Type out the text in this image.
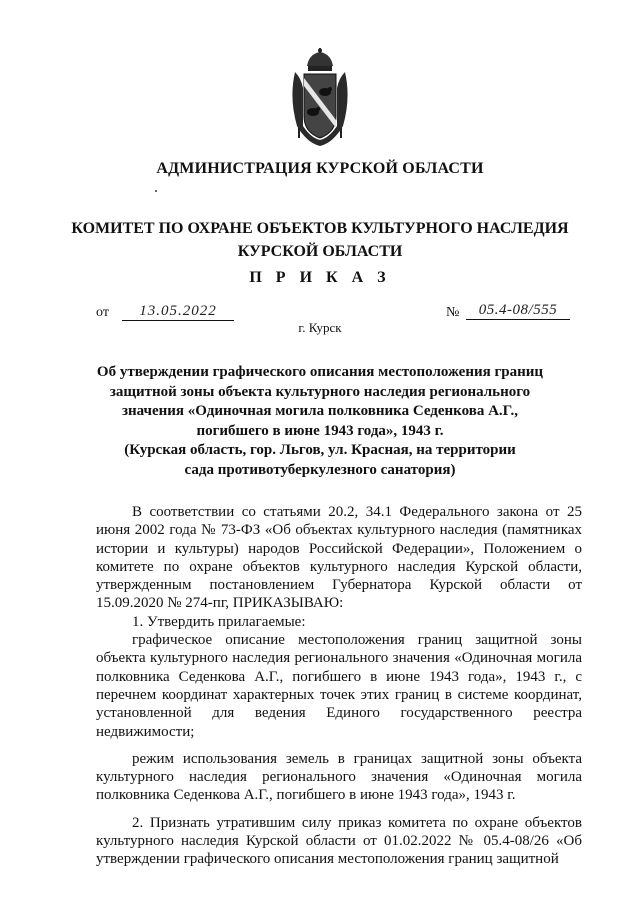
АДМИНИСТРАЦИЯ КУРСКОЙ ОБЛАСТИ
КОМИТЕТ ПО ОХРАНЕ ОБЪЕКТОВ КУЛЬТУРНОГО НАСЛЕДИЯ
КУРСКОЙ ОБЛАСТИ
П Р И К А З
от	13.05.2022	№	05.4-08/555
г. Курск
Об утверждении графического описания местоположения границ
защитной зоны объекта культурного наследия регионального
значения «Одиночная могила полковника Седенкова А.Г.,
погибшего в июне 1943 года», 1943 г.
(Курская область, гор. Льгов, ул. Красная, на территории
сада противотуберкулезного санатория)

В соответствии со статьями 20.2, 34.1 Федерального закона от 25 июня 2002 года № 73-ФЗ «Об объектах культурного наследия (памятниках истории и культуры) народов Российской Федерации», Положением о комитете по охране объектов культурного наследия Курской области, утвержденным постановлением Губернатора Курской области от 15.09.2020 № 274-пг, ПРИКАЗЫВАЮ:

1. Утвердить прилагаемые:

графическое описание местоположения границ защитной зоны объекта культурного наследия регионального значения «Одиночная могила полковника Седенкова А.Г., погибшего в июне 1943 года», 1943 г., с перечнем координат характерных точек этих границ в системе координат, установленной для ведения Единого государственного реестра недвижимости;

режим использования земель в границах защитной зоны объекта культурного наследия регионального значения «Одиночная могила полковника Седенкова А.Г., погибшего в июне 1943 года», 1943 г.

2. Признать утратившим силу приказ комитета по охране объектов культурного наследия Курской области от 01.02.2022 № 05.4-08/26 «Об утверждении графического описания местоположения границ защитной
